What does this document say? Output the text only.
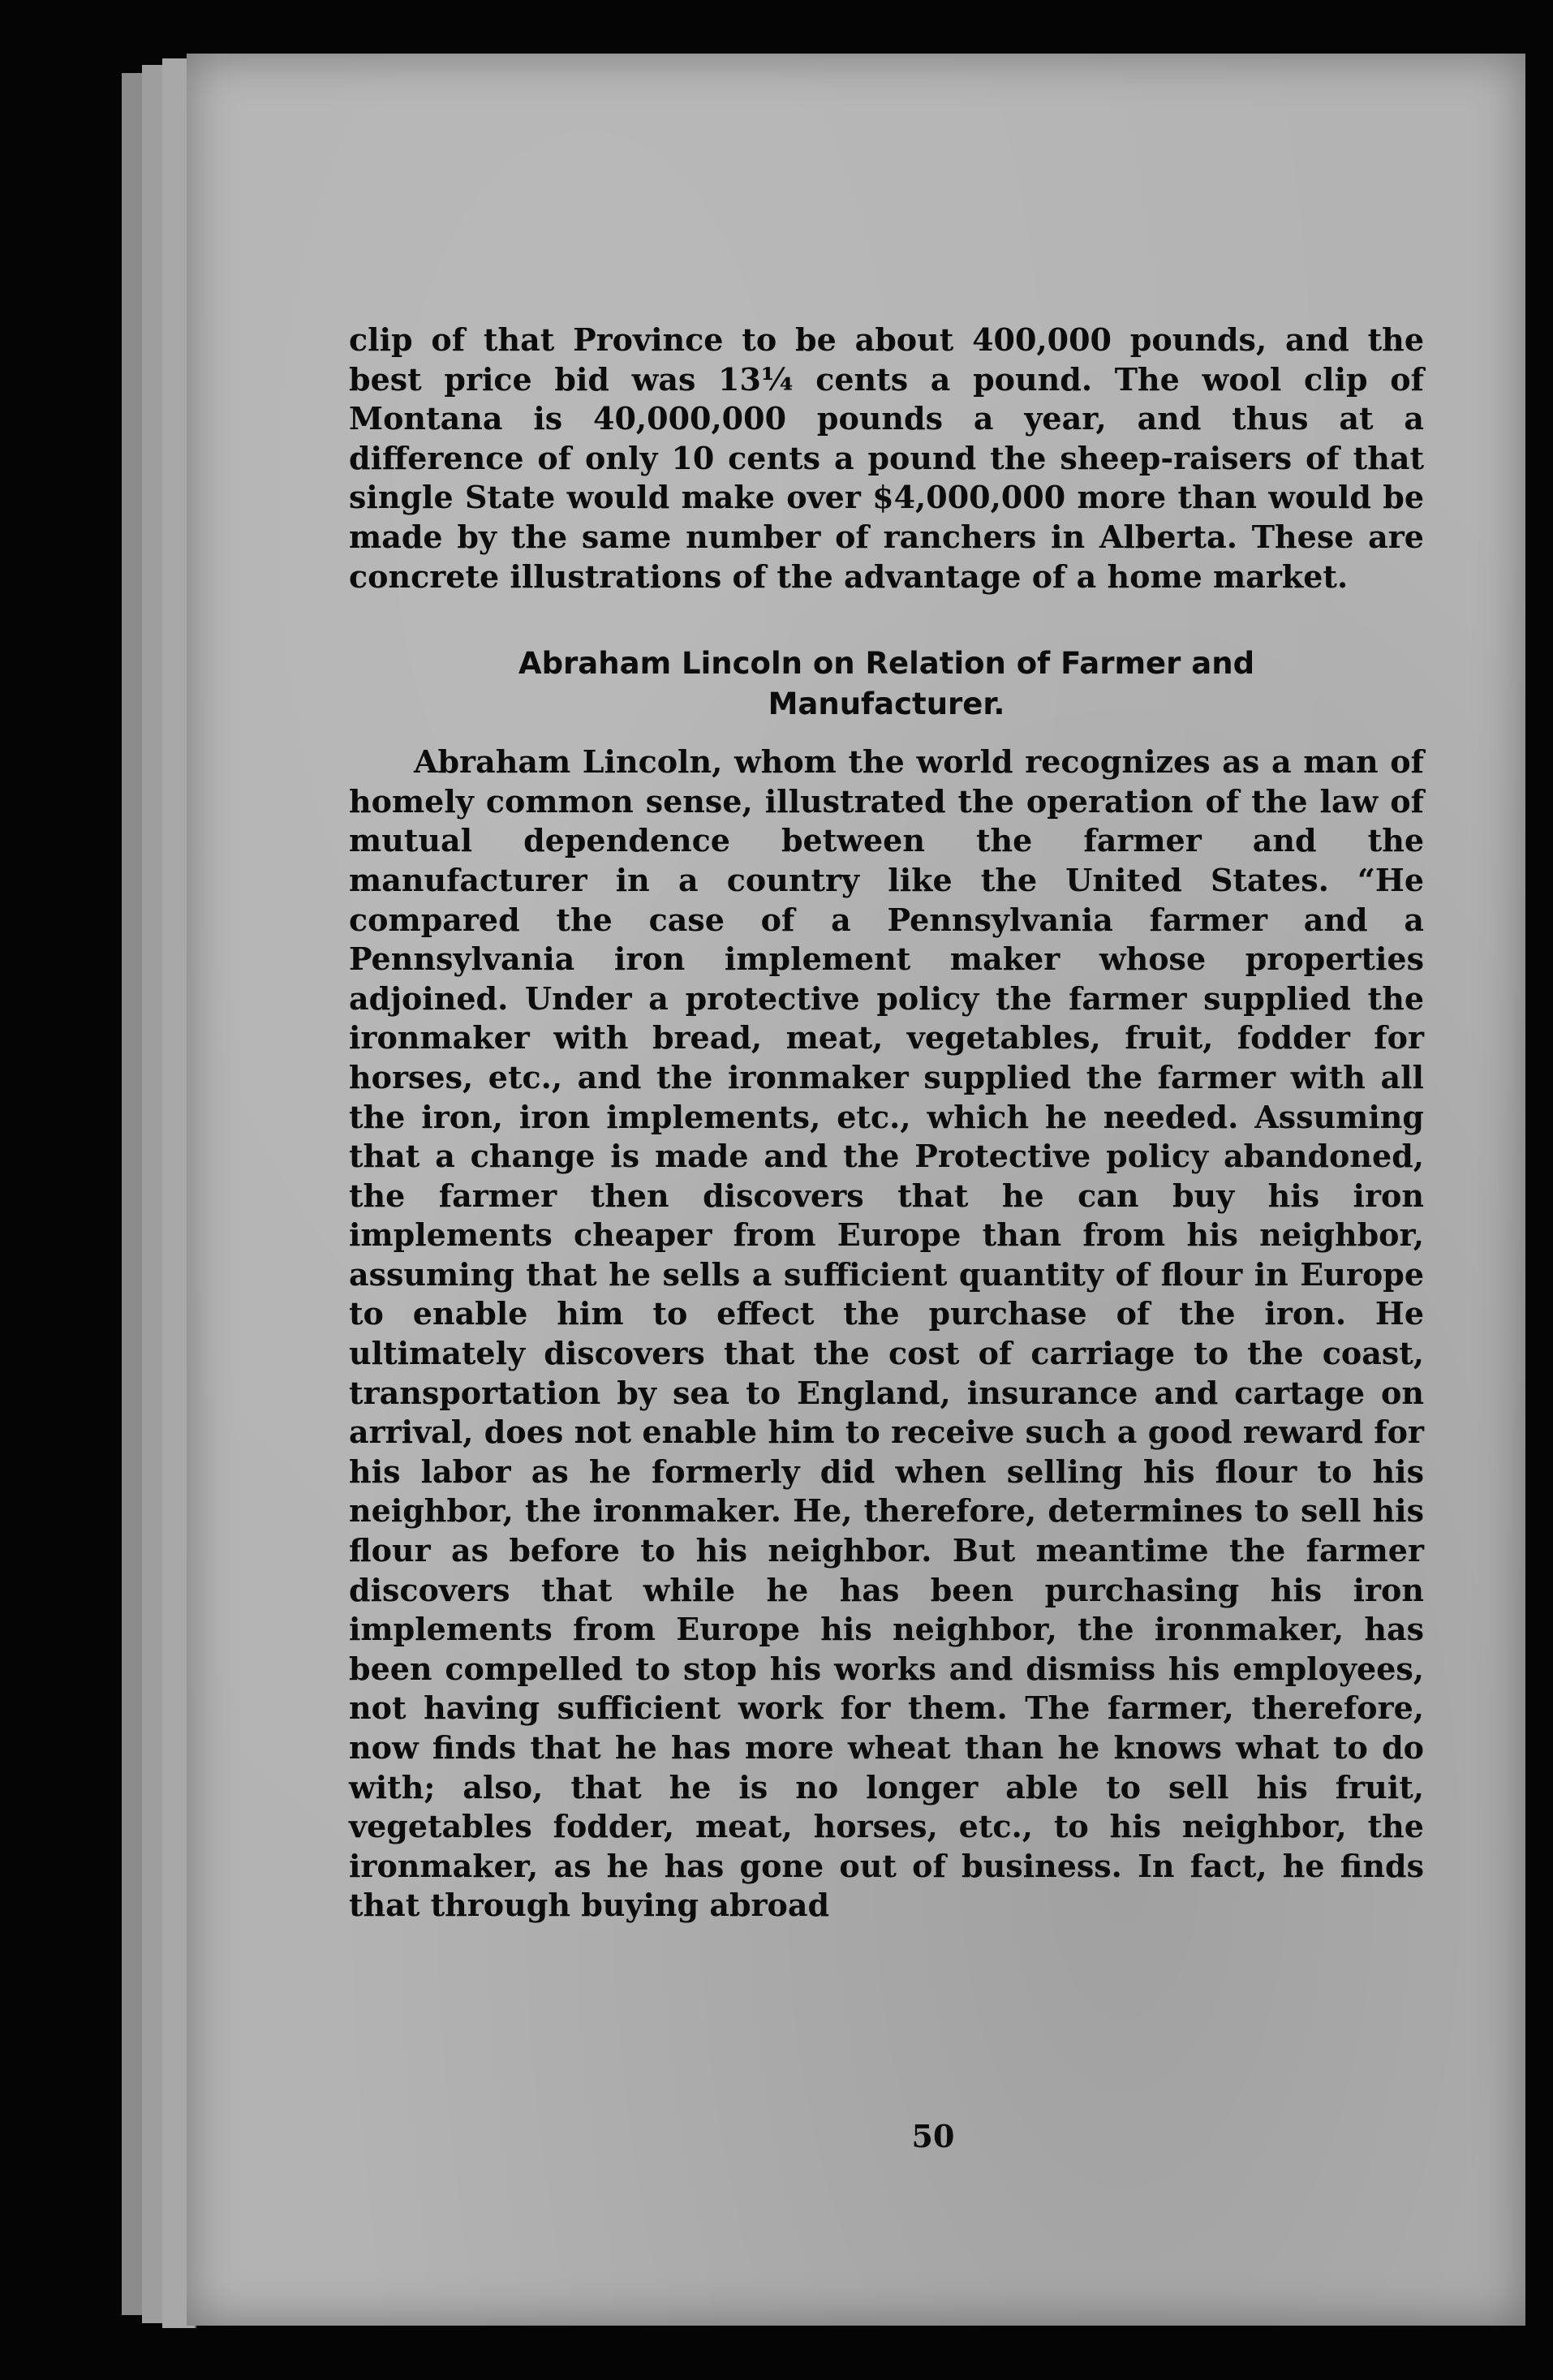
clip of that Province to be about 400,000 pounds, and the best price bid was 13¼ cents a pound. The wool clip of Montana is 40,000,000 pounds a year, and thus at a difference of only 10 cents a pound the sheep-raisers of that single State would make over $4,000,000 more than would be made by the same number of ranchers in Alberta. These are concrete illustrations of the advantage of a home market.

Abraham Lincoln on Relation of Farmer and Manufacturer.

Abraham Lincoln, whom the world recognizes as a man of homely common sense, illustrated the operation of the law of mutual dependence between the farmer and the manufacturer in a country like the United States. “He compared the case of a Pennsylvania farmer and a Pennsylvania iron implement maker whose properties adjoined. Under a protective policy the farmer supplied the ironmaker with bread, meat, vegetables, fruit, fodder for horses, etc., and the ironmaker supplied the farmer with all the iron, iron implements, etc., which he needed. Assuming that a change is made and the Protective policy abandoned, the farmer then discovers that he can buy his iron implements cheaper from Europe than from his neighbor, assuming that he sells a sufficient quantity of flour in Europe to enable him to effect the purchase of the iron. He ultimately discovers that the cost of carriage to the coast, transportation by sea to England, insurance and cartage on arrival, does not enable him to receive such a good reward for his labor as he formerly did when selling his flour to his neighbor, the ironmaker. He, therefore, determines to sell his flour as before to his neighbor. But meantime the farmer discovers that while he has been purchasing his iron implements from Europe his neighbor, the ironmaker, has been compelled to stop his works and dismiss his employees, not having sufficient work for them. The farmer, therefore, now finds that he has more wheat than he knows what to do with; also, that he is no longer able to sell his fruit, vegetables fodder, meat, horses, etc., to his neighbor, the ironmaker, as he has gone out of business. In fact, he finds that through buying abroad

50
